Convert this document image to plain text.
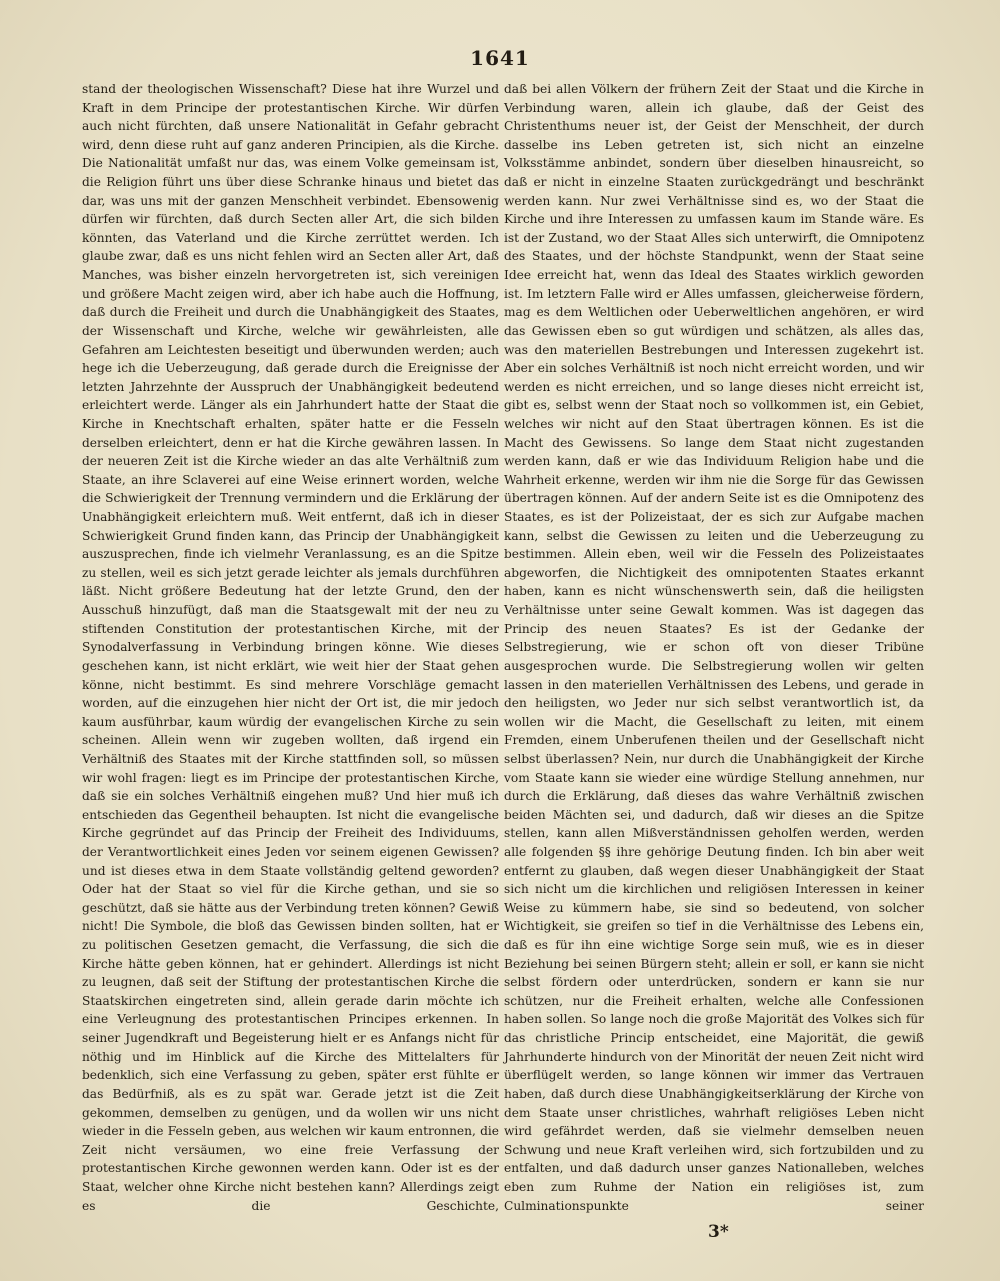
1641
stand der theologischen Wissenschaft? Diese hat ihre Wurzel und Kraft in dem Principe der protestantischen Kirche. Wir dürfen auch nicht fürchten, daß unsere Nationalität in Gefahr gebracht wird, denn diese ruht auf ganz anderen Principien, als die Kirche. Die Nationalität umfaßt nur das, was einem Volke gemeinsam ist, die Religion führt uns über diese Schranke hinaus und bietet das dar, was uns mit der ganzen Menschheit verbindet. Ebensowenig dürfen wir fürchten, daß durch Secten aller Art, die sich bilden könnten, das Vaterland und die Kirche zerrüttet werden. Ich glaube zwar, daß es uns nicht fehlen wird an Secten aller Art, daß Manches, was bisher einzeln hervorgetreten ist, sich vereinigen und größere Macht zeigen wird, aber ich habe auch die Hoffnung, daß durch die Freiheit und durch die Unabhängigkeit des Staates, der Wissenschaft und Kirche, welche wir gewährleisten, alle Gefahren am Leichtesten beseitigt und überwunden werden; auch hege ich die Ueberzeugung, daß gerade durch die Ereignisse der letzten Jahrzehnte der Ausspruch der Unabhängigkeit bedeutend erleichtert werde. Länger als ein Jahrhundert hatte der Staat die Kirche in Knechtschaft erhalten, später hatte er die Fesseln derselben erleichtert, denn er hat die Kirche gewähren lassen. In der neueren Zeit ist die Kirche wieder an das alte Verhältniß zum Staate, an ihre Sclaverei auf eine Weise erinnert worden, welche die Schwierigkeit der Trennung vermindern und die Erklärung der Unabhängigkeit erleichtern muß. Weit entfernt, daß ich in dieser Schwierigkeit Grund finden kann, das Princip der Unabhängigkeit auszusprechen, finde ich vielmehr Veranlassung, es an die Spitze zu stellen, weil es sich jetzt gerade leichter als jemals durchführen läßt. Nicht größere Bedeutung hat der letzte Grund, den der Ausschuß hinzufügt, daß man die Staatsgewalt mit der neu zu stiftenden Constitution der protestantischen Kirche, mit der Synodalverfassung in Verbindung bringen könne. Wie dieses geschehen kann, ist nicht erklärt, wie weit hier der Staat gehen könne, nicht bestimmt. Es sind mehrere Vorschläge gemacht worden, auf die einzugehen hier nicht der Ort ist, die mir jedoch kaum ausführbar, kaum würdig der evangelischen Kirche zu sein scheinen. Allein wenn wir zugeben wollten, daß irgend ein Verhältniß des Staates mit der Kirche stattfinden soll, so müssen wir wohl fragen: liegt es im Principe der protestantischen Kirche, daß sie ein solches Verhältniß eingehen muß? Und hier muß ich entschieden das Gegentheil behaupten. Ist nicht die evangelische Kirche gegründet auf das Princip der Freiheit des Individuums, der Verantwortlichkeit eines Jeden vor seinem eigenen Gewissen? und ist dieses etwa in dem Staate vollständig geltend geworden? Oder hat der Staat so viel für die Kirche gethan, und sie so geschützt, daß sie hätte aus der Verbindung treten können? Gewiß nicht! Die Symbole, die bloß das Gewissen binden sollten, hat er zu politischen Gesetzen gemacht, die Verfassung, die sich die Kirche hätte geben können, hat er gehindert. Allerdings ist nicht zu leugnen, daß seit der Stiftung der protestantischen Kirche die Staatskirchen eingetreten sind, allein gerade darin möchte ich eine Verleugnung des protestantischen Principes erkennen. In seiner Jugendkraft und Begeisterung hielt er es Anfangs nicht für nöthig und im Hinblick auf die Kirche des Mittelalters für bedenklich, sich eine Verfassung zu geben, später erst fühlte er das Bedürfniß, als es zu spät war. Gerade jetzt ist die Zeit gekommen, demselben zu genügen, und da wollen wir uns nicht wieder in die Fesseln geben, aus welchen wir kaum entronnen, die Zeit nicht versäumen, wo eine freie Verfassung der protestantischen Kirche gewonnen werden kann. Oder ist es der Staat, welcher ohne Kirche nicht bestehen kann? Allerdings zeigt es die Geschichte,
daß bei allen Völkern der frühern Zeit der Staat und die Kirche in Verbindung waren, allein ich glaube, daß der Geist des Christenthums neuer ist, der Geist der Menschheit, der durch dasselbe ins Leben getreten ist, sich nicht an einzelne Volksstämme anbindet, sondern über dieselben hinausreicht, so daß er nicht in einzelne Staaten zurückgedrängt und beschränkt werden kann. Nur zwei Verhältnisse sind es, wo der Staat die Kirche und ihre Interessen zu umfassen kaum im Stande wäre. Es ist der Zustand, wo der Staat Alles sich unterwirft, die Omnipotenz des Staates, und der höchste Standpunkt, wenn der Staat seine Idee erreicht hat, wenn das Ideal des Staates wirklich geworden ist. Im letztern Falle wird er Alles umfassen, gleicherweise fördern, mag es dem Weltlichen oder Ueberweltlichen angehören, er wird das Gewissen eben so gut würdigen und schätzen, als alles das, was den materiellen Bestrebungen und Interessen zugekehrt ist. Aber ein solches Verhältniß ist noch nicht erreicht worden, und wir werden es nicht erreichen, und so lange dieses nicht erreicht ist, gibt es, selbst wenn der Staat noch so vollkommen ist, ein Gebiet, welches wir nicht auf den Staat übertragen können. Es ist die Macht des Gewissens. So lange dem Staat nicht zugestanden werden kann, daß er wie das Individuum Religion habe und die Wahrheit erkenne, werden wir ihm nie die Sorge für das Gewissen übertragen können. Auf der andern Seite ist es die Omnipotenz des Staates, es ist der Polizeistaat, der es sich zur Aufgabe machen kann, selbst die Gewissen zu leiten und die Ueberzeugung zu bestimmen. Allein eben, weil wir die Fesseln des Polizeistaates abgeworfen, die Nichtigkeit des omnipotenten Staates erkannt haben, kann es nicht wünschenswerth sein, daß die heiligsten Verhältnisse unter seine Gewalt kommen. Was ist dagegen das Princip des neuen Staates? Es ist der Gedanke der Selbstregierung, wie er schon oft von dieser Tribüne ausgesprochen wurde. Die Selbstregierung wollen wir gelten lassen in den materiellen Verhältnissen des Lebens, und gerade in den heiligsten, wo Jeder nur sich selbst verantwortlich ist, da wollen wir die Macht, die Gesellschaft zu leiten, mit einem Fremden, einem Unberufenen theilen und der Gesellschaft nicht selbst überlassen? Nein, nur durch die Unabhängigkeit der Kirche vom Staate kann sie wieder eine würdige Stellung annehmen, nur durch die Erklärung, daß dieses das wahre Verhältniß zwischen beiden Mächten sei, und dadurch, daß wir dieses an die Spitze stellen, kann allen Mißverständnissen geholfen werden, werden alle folgenden §§ ihre gehörige Deutung finden. Ich bin aber weit entfernt zu glauben, daß wegen dieser Unabhängigkeit der Staat sich nicht um die kirchlichen und religiösen Interessen in keiner Weise zu kümmern habe, sie sind so bedeutend, von solcher Wichtigkeit, sie greifen so tief in die Verhältnisse des Lebens ein, daß es für ihn eine wichtige Sorge sein muß, wie es in dieser Beziehung bei seinen Bürgern steht; allein er soll, er kann sie nicht selbst fördern oder unterdrücken, sondern er kann sie nur schützen, nur die Freiheit erhalten, welche alle Confessionen haben sollen. So lange noch die große Majorität des Volkes sich für das christliche Princip entscheidet, eine Majorität, die gewiß Jahrhunderte hindurch von der Minorität der neuen Zeit nicht wird überflügelt werden, so lange können wir immer das Vertrauen haben, daß durch diese Unabhängigkeitserklärung der Kirche von dem Staate unser christliches, wahrhaft religiöses Leben nicht wird gefährdet werden, daß sie vielmehr demselben neuen Schwung und neue Kraft verleihen wird, sich fortzubilden und zu entfalten, und daß dadurch unser ganzes Nationalleben, welches eben zum Ruhme der Nation ein religiöses ist, zum Culminationspunkte seiner
3*
